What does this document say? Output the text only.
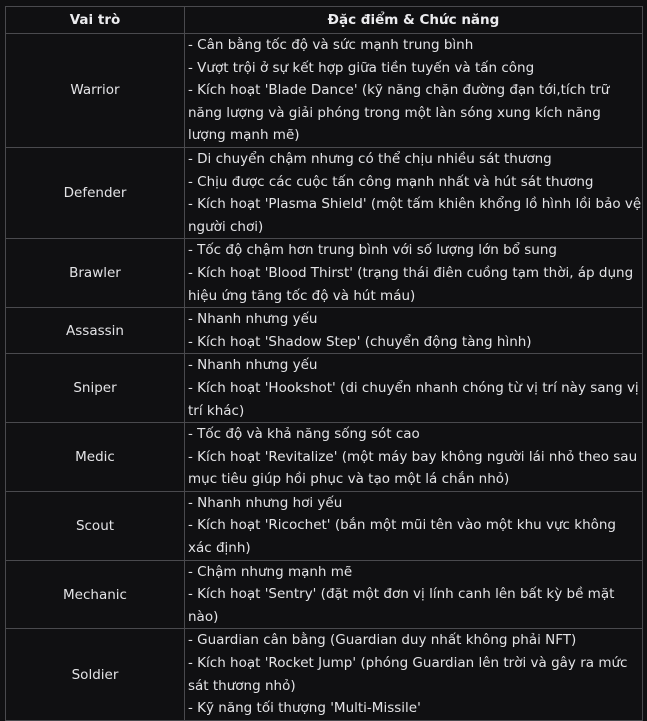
Vai trò	Đặc điểm & Chức năng
Warrior	- Cân bằng tốc độ và sức mạnh trung bình
- Vượt trội ở sự kết hợp giữa tiền tuyến và tấn công
- Kích hoạt 'Blade Dance' (kỹ năng chặn đường đạn tới,tích trữ năng lượng và giải phóng trong một làn sóng xung kích năng lượng mạnh mẽ)

Defender	- Di chuyển chậm nhưng có thể chịu nhiều sát thương
- Chịu được các cuộc tấn công mạnh nhất và hút sát thương
- Kích hoạt 'Plasma Shield' (một tấm khiên khổng lồ hình lồi bảo vệ người chơi)

Brawler	- Tốc độ chậm hơn trung bình với số lượng lớn bổ sung
- Kích hoạt 'Blood Thirst' (trạng thái điên cuồng tạm thời, áp dụng hiệu ứng tăng tốc độ và hút máu)

Assassin	- Nhanh nhưng yếu
- Kích hoạt 'Shadow Step' (chuyển động tàng hình)

Sniper	- Nhanh nhưng yếu
- Kích hoạt 'Hookshot' (di chuyển nhanh chóng từ vị trí này sang vị trí khác)

Medic	- Tốc độ và khả năng sống sót cao
- Kích hoạt 'Revitalize' (một máy bay không người lái nhỏ theo sau mục tiêu giúp hồi phục và tạo một lá chắn nhỏ)

Scout	- Nhanh nhưng hơi yếu
- Kích hoạt 'Ricochet' (bắn một mũi tên vào một khu vực không xác định)

Mechanic	- Chậm nhưng mạnh mẽ
- Kích hoạt 'Sentry' (đặt một đơn vị lính canh lên bất kỳ bề mặt nào)

Soldier	- Guardian cân bằng (Guardian duy nhất không phải NFT)
- Kích hoạt 'Rocket Jump' (phóng Guardian lên trời và gây ra mức sát thương nhỏ)
- Kỹ năng tối thượng 'Multi-Missile'
